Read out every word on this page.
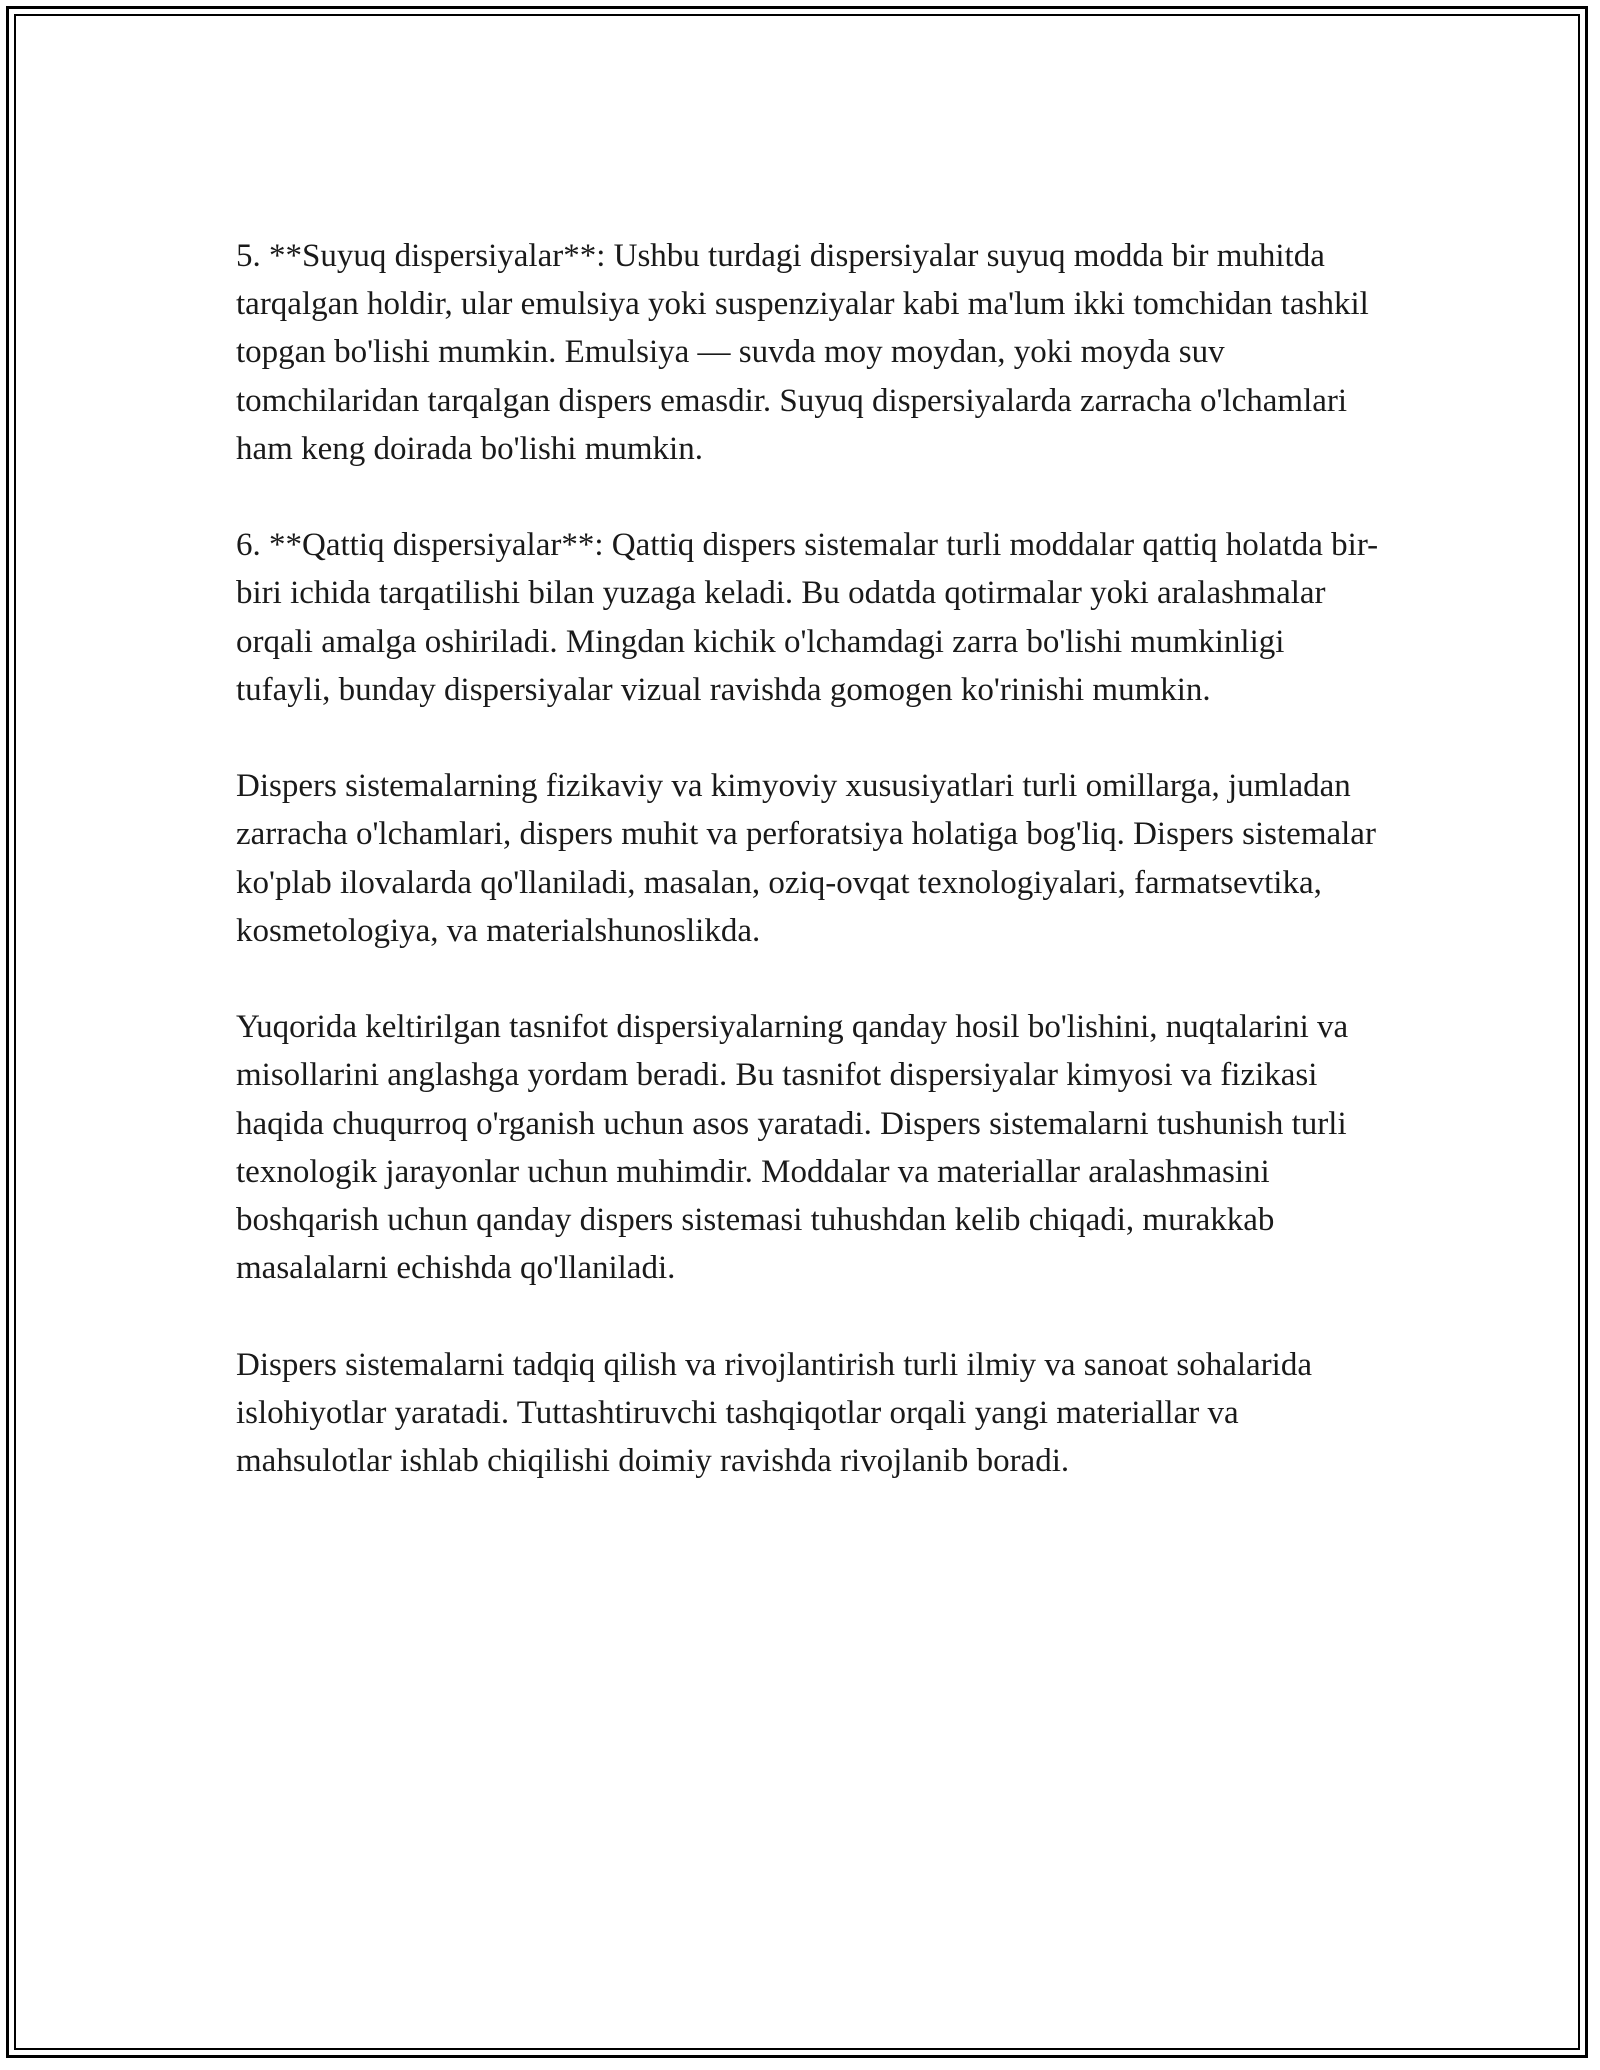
5. **Suyuq dispersiyalar**: Ushbu turdagi dispersiyalar suyuq modda bir muhitda tarqalgan holdir, ular emulsiya yoki suspenziyalar kabi ma'lum ikki tomchidan tashkil topgan bo'lishi mumkin. Emulsiya — suvda moy moydan, yoki moyda suv tomchilaridan tarqalgan dispers emasdir. Suyuq dispersiyalarda zarracha o'lchamlari ham keng doirada bo'lishi mumkin.

6. **Qattiq dispersiyalar**: Qattiq dispers sistemalar turli moddalar qattiq holatda bir-biri ichida tarqatilishi bilan yuzaga keladi. Bu odatda qotirmalar yoki aralashmalar orqali amalga oshiriladi. Mingdan kichik o'lchamdagi zarra bo'lishi mumkinligi tufayli, bunday dispersiyalar vizual ravishda gomogen ko'rinishi mumkin.

Dispers sistemalarning fizikaviy va kimyoviy xususiyatlari turli omillarga, jumladan zarracha o'lchamlari, dispers muhit va perforatsiya holatiga bog'liq. Dispers sistemalar ko'plab ilovalarda qo'llaniladi, masalan, oziq-ovqat texnologiyalari, farmatsevtika, kosmetologiya, va materialshunoslikda.

Yuqorida keltirilgan tasnifot dispersiyalarning qanday hosil bo'lishini, nuqtalarini va misollarini anglashga yordam beradi. Bu tasnifot dispersiyalar kimyosi va fizikasi haqida chuqurroq o'rganish uchun asos yaratadi. Dispers sistemalarni tushunish turli texnologik jarayonlar uchun muhimdir. Moddalar va materiallar aralashmasini boshqarish uchun qanday dispers sistemasi tuhushdan kelib chiqadi, murakkab masalalarni echishda qo'llaniladi.

Dispers sistemalarni tadqiq qilish va rivojlantirish turli ilmiy va sanoat sohalarida islohiyotlar yaratadi. Tuttashtiruvchi tashqiqotlar orqali yangi materiallar va mahsulotlar ishlab chiqilishi doimiy ravishda rivojlanib boradi.
